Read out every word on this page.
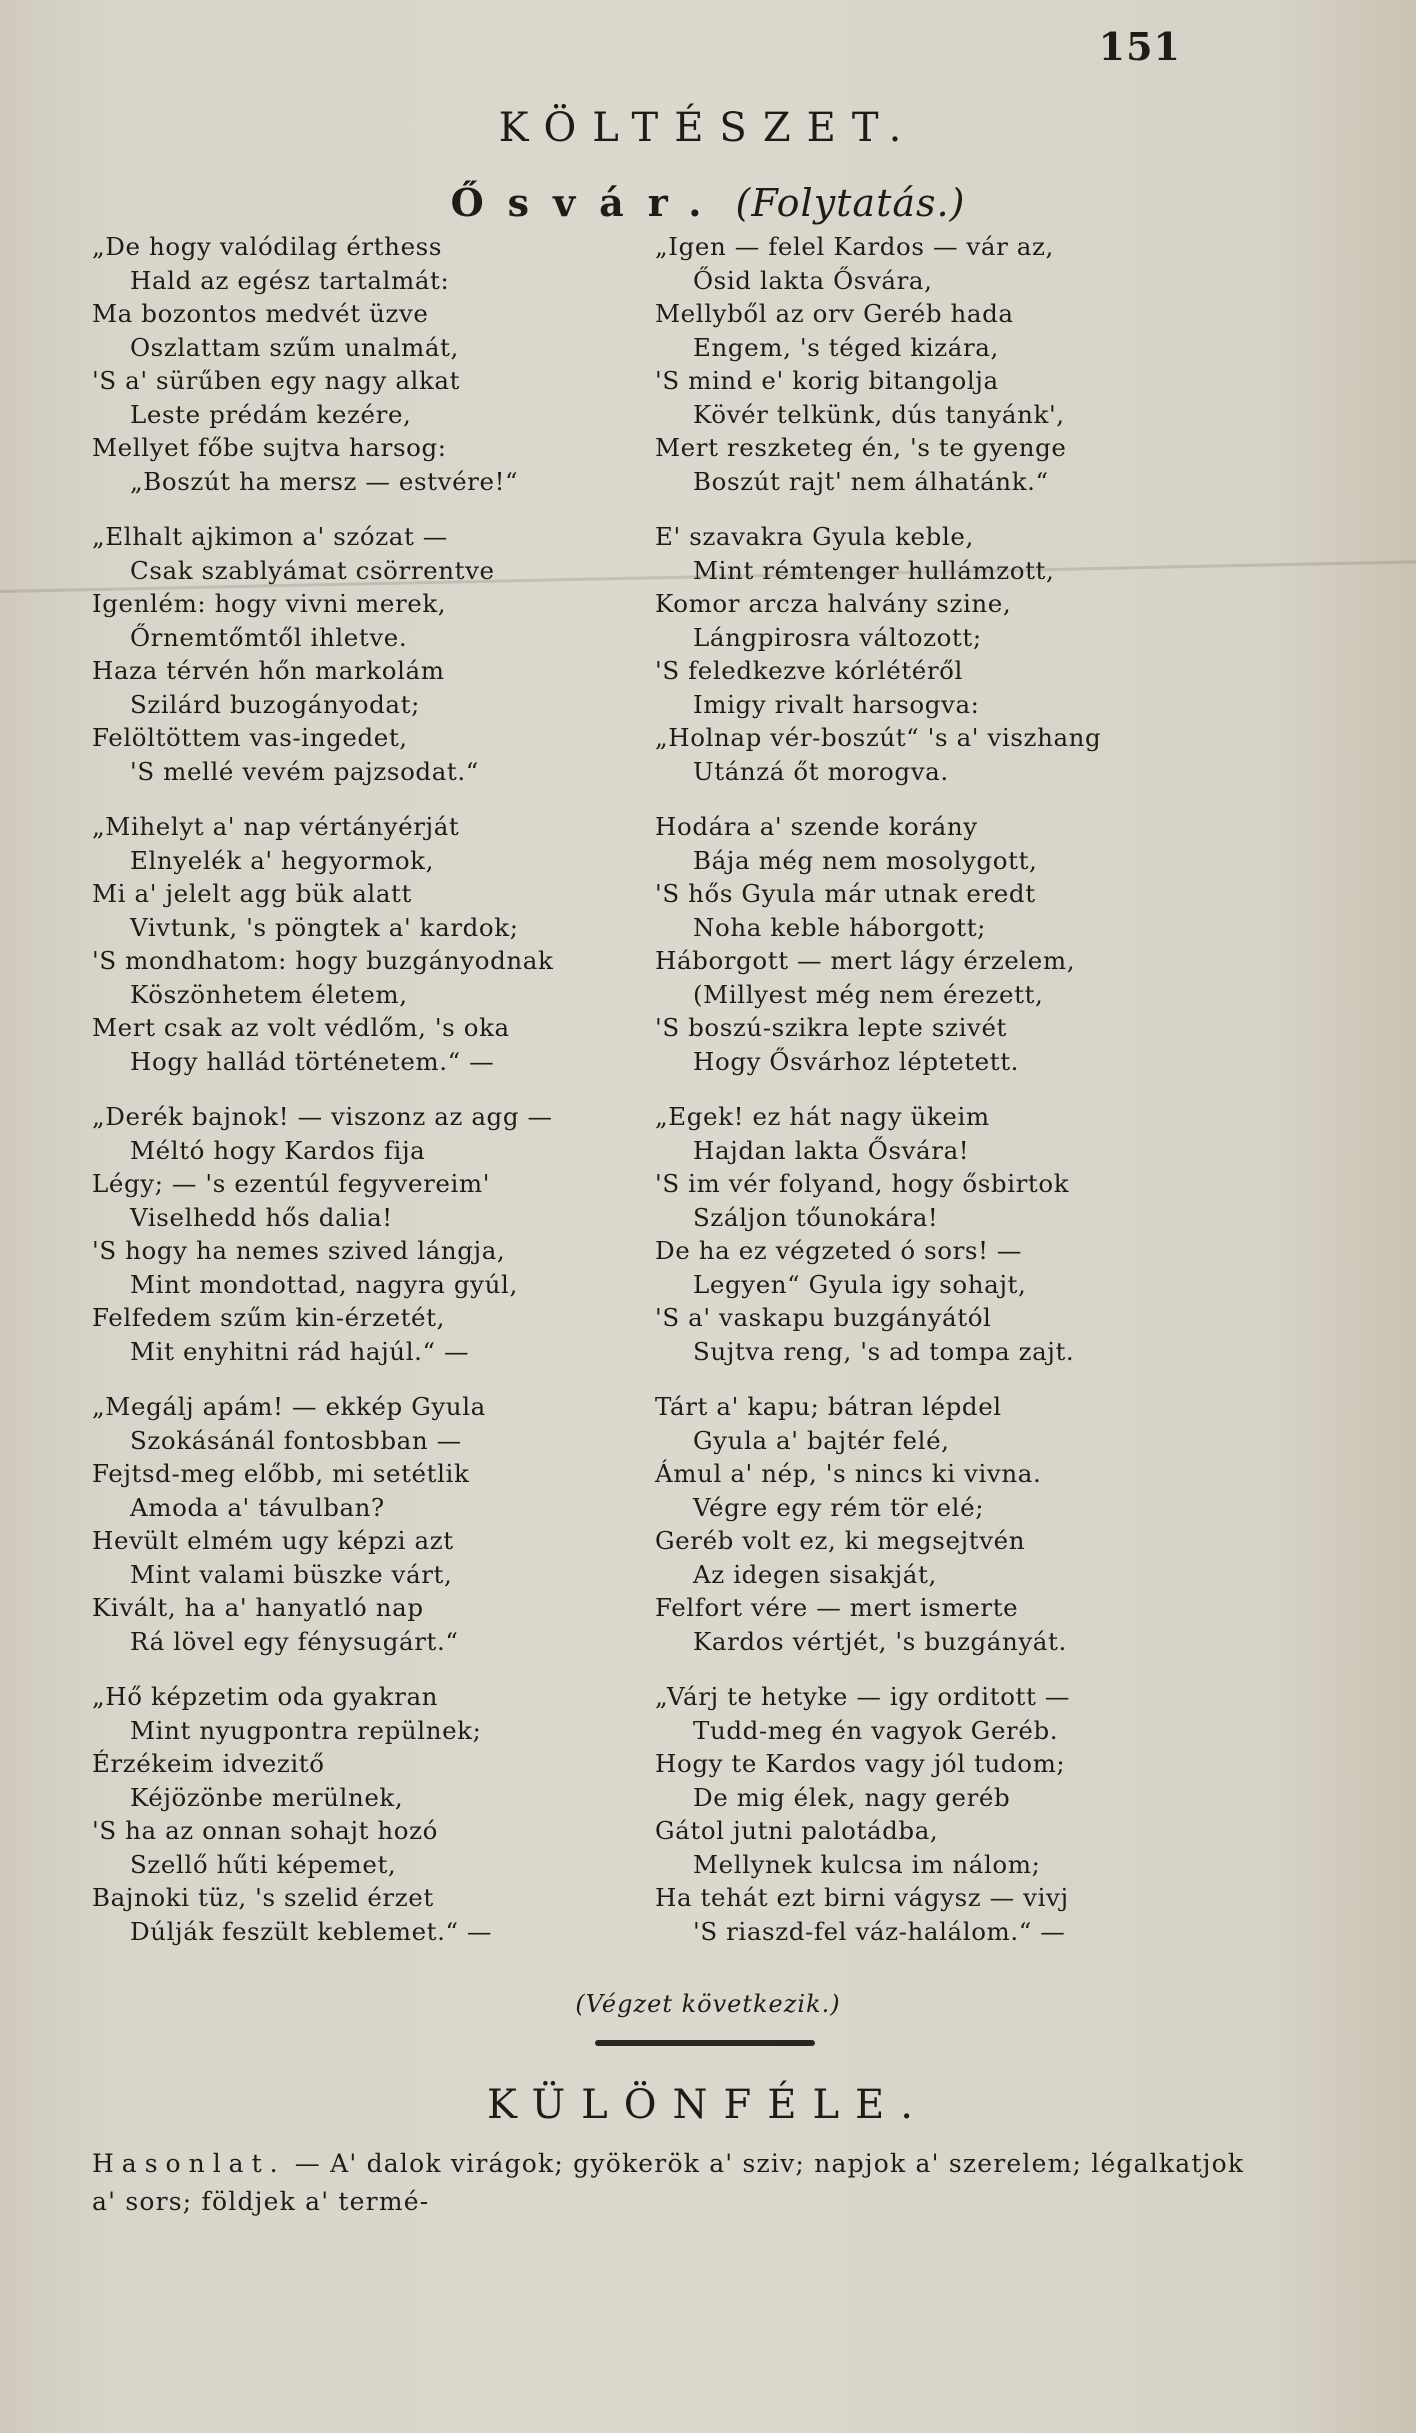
151
KÖLTÉSZET.
Ősvár. (Folytatás.)
„De hogy valódilag érthess
Hald az egész tartalmát:
Ma bozontos medvét üzve
Oszlattam szűm unalmát,
'S a' sürűben egy nagy alkat
Leste prédám kezére,
Mellyet főbe sujtva harsog:
„Boszút ha mersz — estvére!“
„Elhalt ajkimon a' szózat —
Csak szablyámat csörrentve
Igenlém: hogy vivni merek,
Őrnemtőmtől ihletve.
Haza térvén hőn markolám
Szilárd buzogányodat;
Felöltöttem vas-ingedet,
'S mellé vevém pajzsodat.“
„Mihelyt a' nap vértányérját
Elnyelék a' hegyormok,
Mi a' jelelt agg bük alatt
Vivtunk, 's pöngtek a' kardok;
'S mondhatom: hogy buzgányodnak
Köszönhetem életem,
Mert csak az volt védlőm, 's oka
Hogy hallád történetem.“ —
„Derék bajnok! — viszonz az agg —
Méltó hogy Kardos fija
Légy; — 's ezentúl fegyvereim'
Viselhedd hős dalia!
'S hogy ha nemes szived lángja,
Mint mondottad, nagyra gyúl,
Felfedem szűm kin-érzetét,
Mit enyhitni rád hajúl.“ —
„Megálj apám! — ekkép Gyula
Szokásánál fontosbban —
Fejtsd-meg előbb, mi setétlik
Amoda a' távulban?
Hevült elmém ugy képzi azt
Mint valami büszke várt,
Kivált, ha a' hanyatló nap
Rá lövel egy fénysugárt.“
„Hő képzetim oda gyakran
Mint nyugpontra repülnek;
Érzékeim idvezitő
Kéjözönbe merülnek,
'S ha az onnan sohajt hozó
Szellő hűti képemet,
Bajnoki tüz, 's szelid érzet
Dúlják feszült keblemet.“ —
„Igen — felel Kardos — vár az,
Ősid lakta Ősvára,
Mellyből az orv Geréb hada
Engem, 's téged kizára,
'S mind e' korig bitangolja
Kövér telkünk, dús tanyánk',
Mert reszketeg én, 's te gyenge
Boszút rajt' nem álhatánk.“
E' szavakra Gyula keble,
Mint rémtenger hullámzott,
Komor arcza halvány szine,
Lángpirosra változott;
'S feledkezve kórlétéről
Imigy rivalt harsogva:
„Holnap vér-boszút“ 's a' viszhang
Utánzá őt morogva.
Hodára a' szende korány
Bája még nem mosolygott,
'S hős Gyula már utnak eredt
Noha keble háborgott;
Háborgott — mert lágy érzelem,
(Millyest még nem érezett,
'S boszú-szikra lepte szivét
Hogy Ősvárhoz léptetett.
„Egek! ez hát nagy ükeim
Hajdan lakta Ősvára!
'S im vér folyand, hogy ősbirtok
Száljon tőunokára!
De ha ez végzeted ó sors! —
Legyen“ Gyula igy sohajt,
'S a' vaskapu buzgányától
Sujtva reng, 's ad tompa zajt.
Tárt a' kapu; bátran lépdel
Gyula a' bajtér felé,
Ámul a' nép, 's nincs ki vivna.
Végre egy rém tör elé;
Geréb volt ez, ki megsejtvén
Az idegen sisakját,
Felfort vére — mert ismerte
Kardos vértjét, 's buzgányát.
„Várj te hetyke — igy orditott —
Tudd-meg én vagyok Geréb.
Hogy te Kardos vagy jól tudom;
De mig élek, nagy geréb
Gátol jutni palotádba,
Mellynek kulcsa im nálom;
Ha tehát ezt birni vágysz — vivj
'S riaszd-fel váz-halálom.“ —
(Végzet következik.)
KÜLÖNFÉLE.
Hasonlat. — A' dalok virágok; gyökerök a' sziv; napjok a' szerelem; légalkatjok a' sors; földjek a' termé-
